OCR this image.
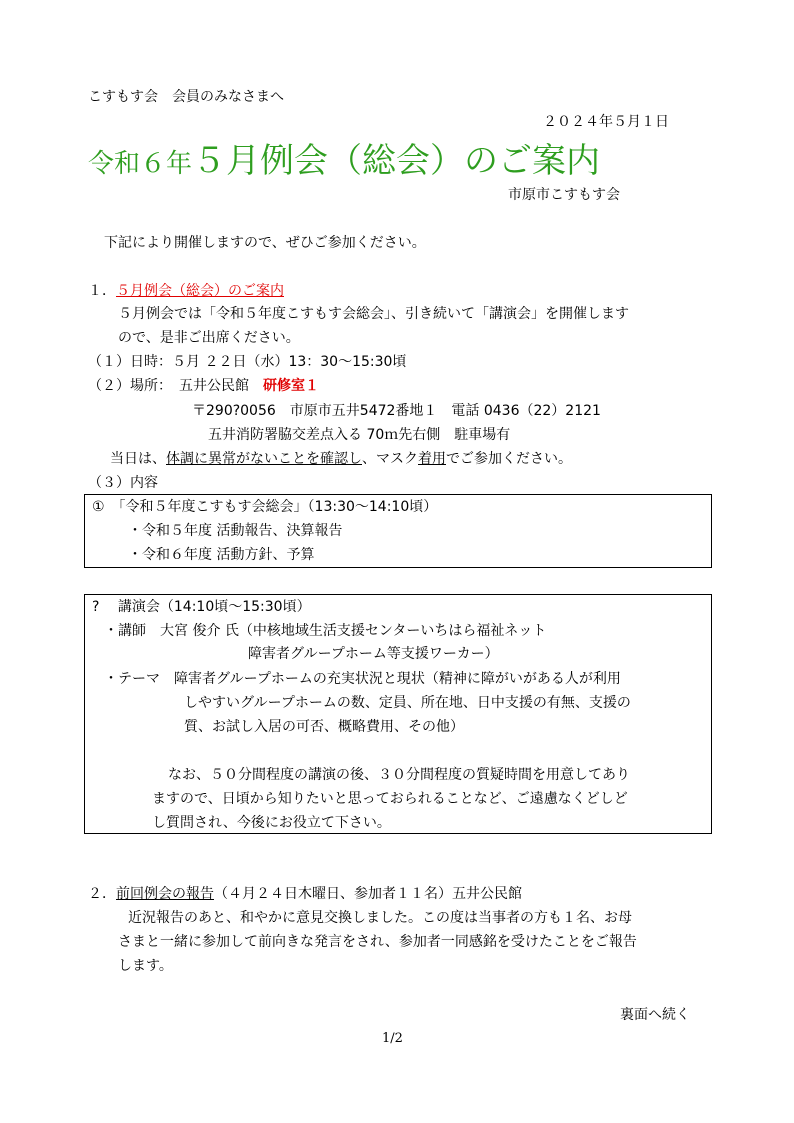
こすもす会　会員のみなさまへ
２０２４年５月１日
令和６年５月例会（総会）のご案内
市原市こすもす会
下記により開催しますので、ぜひご参加ください。
１．５月例会（総会）のご案内
５月例会では「令和５年度こすもす会総会」、引き続いて「講演会」を開催します
ので、是非ご出席ください。
（１）日時：５月 ２２日（水）13：30～15:30頃
（２）場所：　五井公民館　 研修室１
〒290?0056　市原市五井5472番地１　電話 0436（22）2121
五井消防署脇交差点入る 70ｍ先右側　駐車場有
当日は、体調に異常がないことを確認し、マスク着用でご参加ください。
（３）内容
①　「令和５年度こすもす会総会」（13:30～14:10頃）
・令和５年度 活動報告、決算報告
・令和６年度 活動方針、予算
?　 講演会（14:10頃～15:30頃）
・講師　大宮 俊介 氏（中核地域生活支援センターいちはら福祉ネット
障害者グループホーム等支援ワーカー）
・テーマ　障害者グループホームの充実状況と現状（精神に障がいがある人が利用
しやすいグループホームの数、定員、所在地、日中支援の有無、支援の
質、お試し入居の可否、概略費用、その他）
なお、５０分間程度の講演の後、３０分間程度の質疑時間を用意してあり
ますので、日頃から知りたいと思っておられることなど、ご遠慮なくどしど
し質問され、今後にお役立て下さい。
２．前回例会の報告（４月２４日木曜日、参加者１１名）五井公民館
近況報告のあと、和やかに意見交換しました。この度は当事者の方も１名、お母
さまと一緒に参加して前向きな発言をされ、参加者一同感銘を受けたことをご報告
します。
裏面へ続く
1/2
